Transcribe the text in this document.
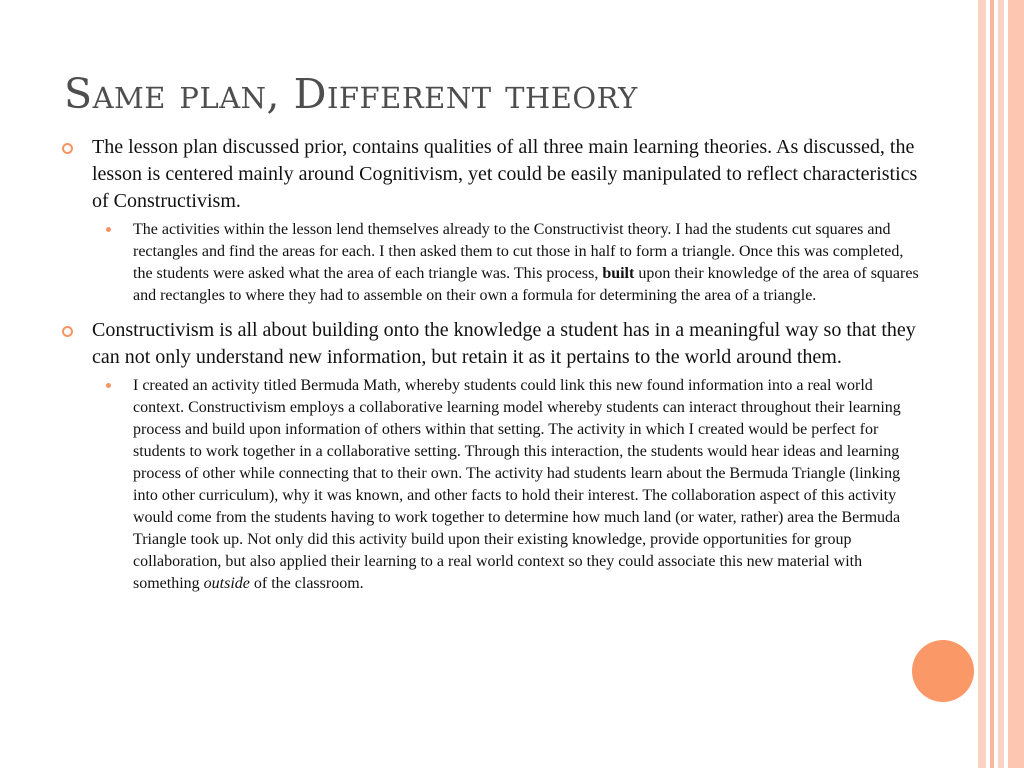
Same plan, Different theory

The lesson plan discussed prior, contains qualities of all three main learning theories. As discussed, the lesson is centered mainly around Cognitivism, yet could be easily manipulated to reflect characteristics of Constructivism.

The activities within the lesson lend themselves already to the Constructivist theory. I had the students cut squares and rectangles and find the areas for each. I then asked them to cut those in half to form a triangle. Once this was completed, the students were asked what the area of each triangle was. This process, built upon their knowledge of the area of squares and rectangles to where they had to assemble on their own a formula for determining the area of a triangle.

Constructivism is all about building onto the knowledge a student has in a meaningful way so that they can not only understand new information, but retain it as it pertains to the world around them.

I created an activity titled Bermuda Math, whereby students could link this new found information into a real world context. Constructivism employs a collaborative learning model whereby students can interact throughout their learning process and build upon information of others within that setting. The activity in which I created would be perfect for students to work together in a collaborative setting. Through this interaction, the students would hear ideas and learning process of other while connecting that to their own. The activity had students learn about the Bermuda Triangle (linking into other curriculum), why it was known, and other facts to hold their interest. The collaboration aspect of this activity would come from the students having to work together to determine how much land (or water, rather) area the Bermuda Triangle took up. Not only did this activity build upon their existing knowledge, provide opportunities for group collaboration, but also applied their learning to a real world context so they could associate this new material with something outside of the classroom.
